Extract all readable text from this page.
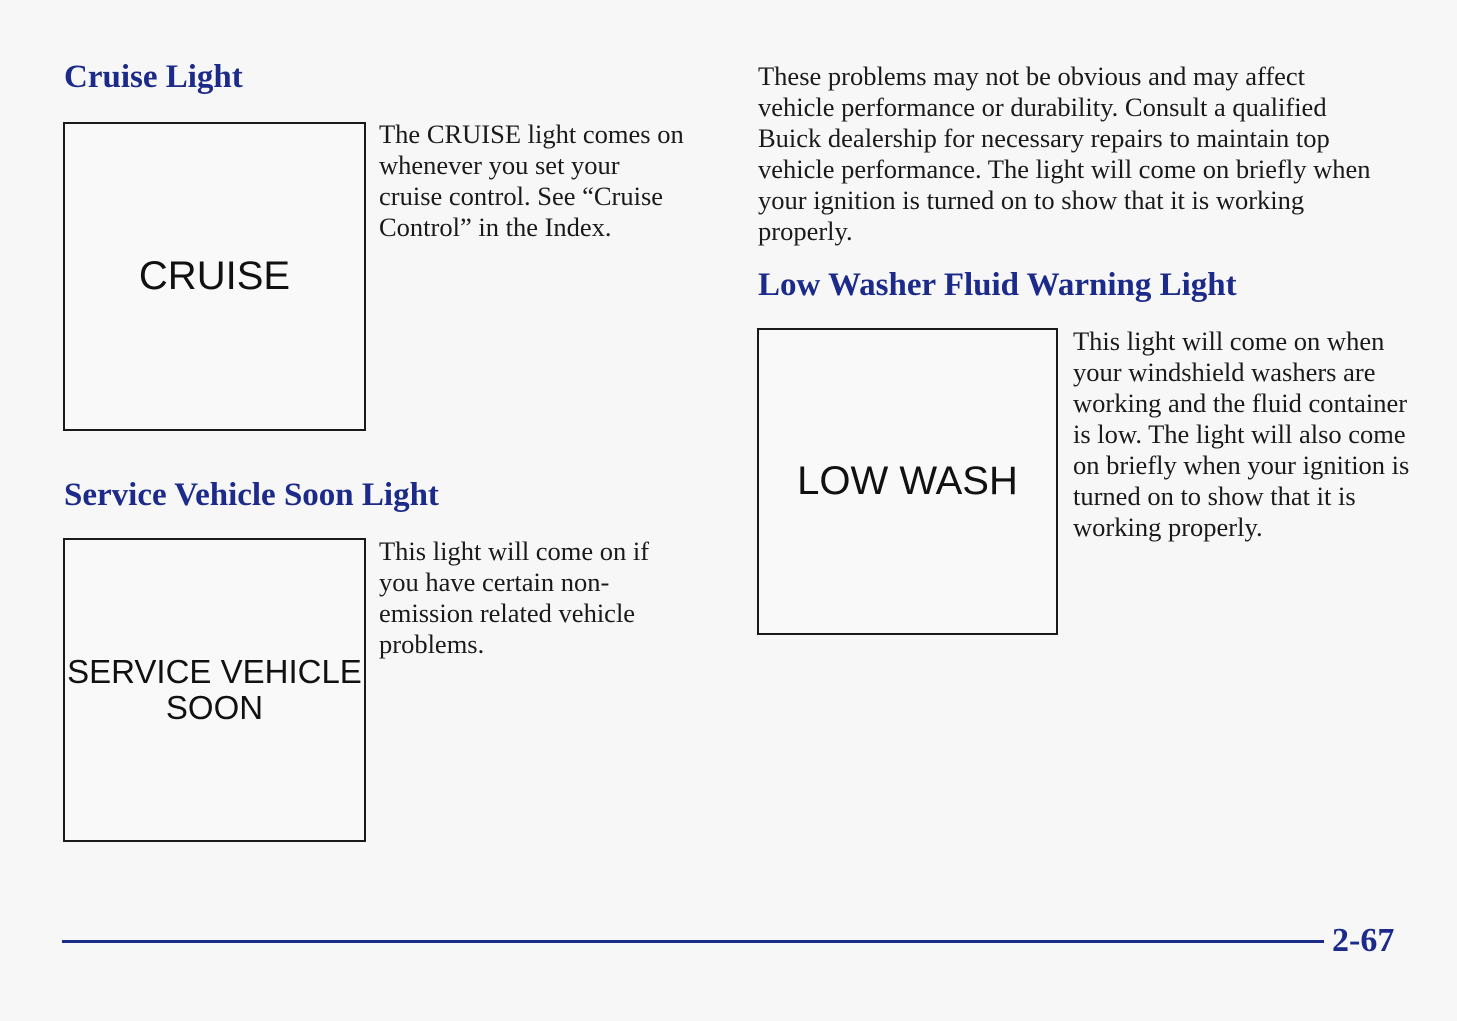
Cruise Light
CRUISE

The CRUISE light comes on whenever you set your cruise control. See “Cruise Control” in the Index.

Service Vehicle Soon Light
SERVICE VEHICLE
SOON

This light will come on if you have certain non-emission related vehicle problems.

These problems may not be obvious and may affect vehicle performance or durability. Consult a qualified Buick dealership for necessary repairs to maintain top vehicle performance. The light will come on briefly when your ignition is turned on to show that it is working properly.

Low Washer Fluid Warning Light
LOW WASH

This light will come on when your windshield washers are working and the fluid container is low. The light will also come on briefly when your ignition is turned on to show that it is working properly.

2-67
